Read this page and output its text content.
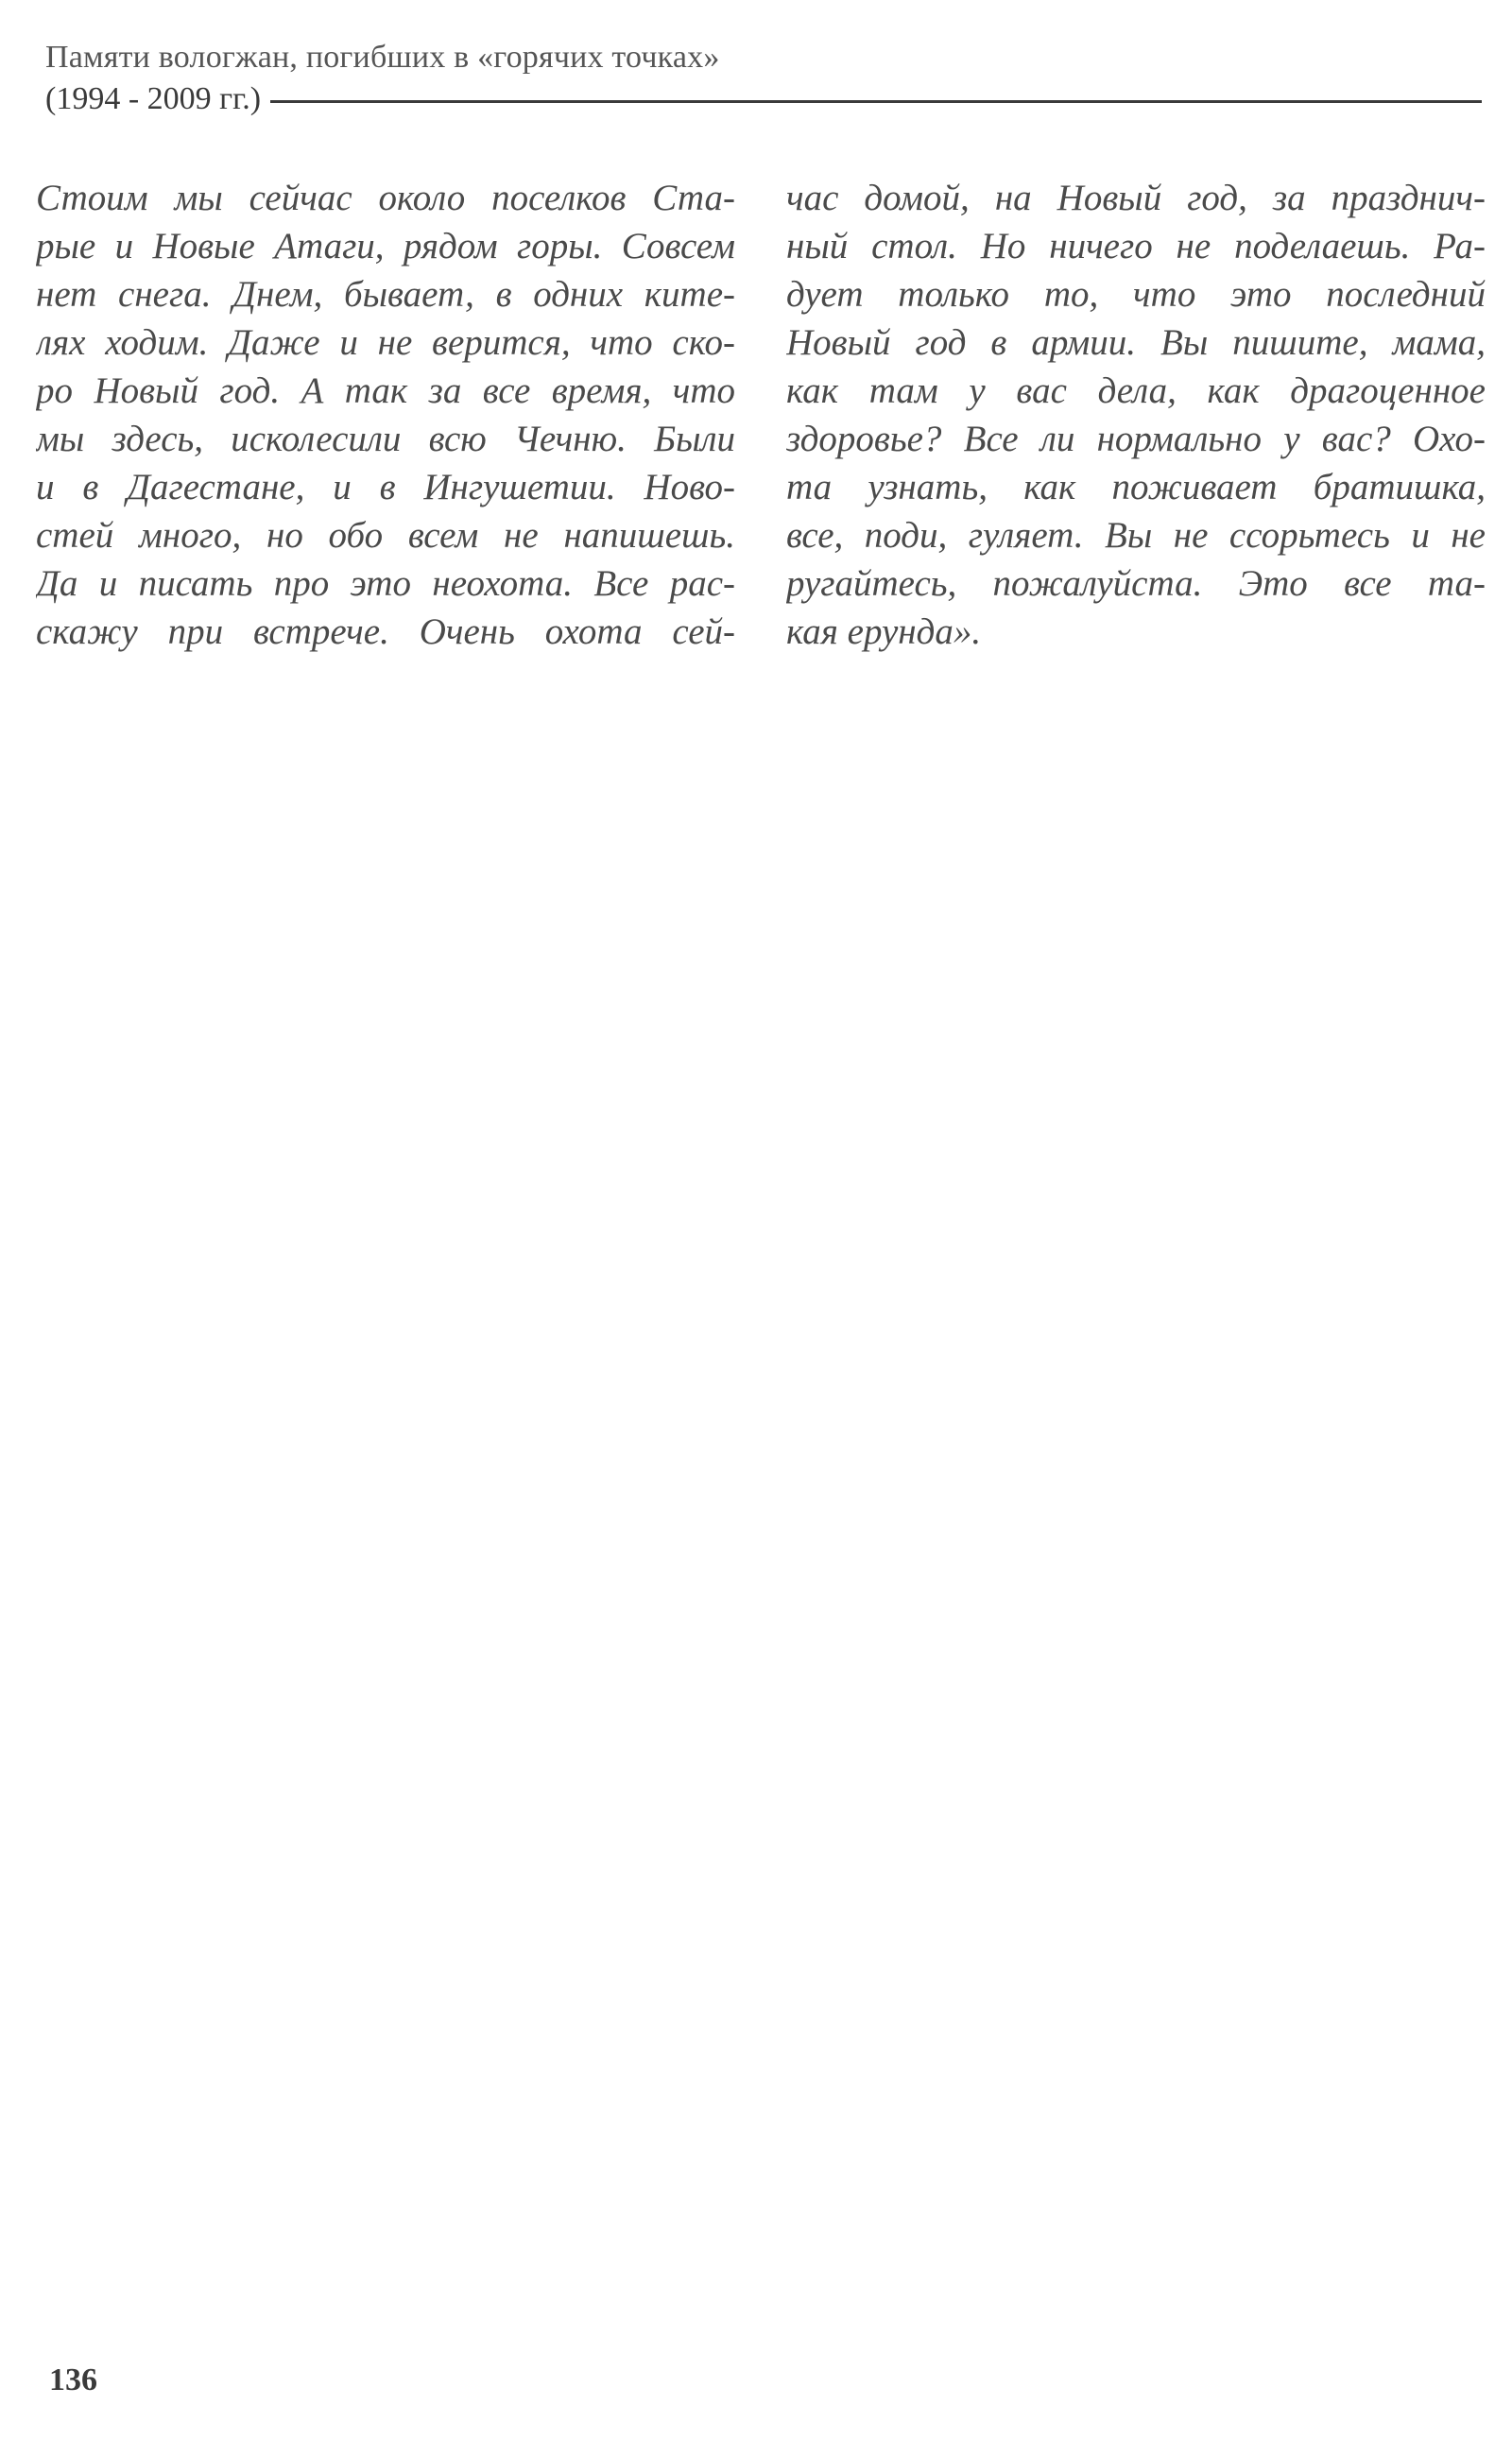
Памяти вологжан, погибших в «горячих точках»
(1994 - 2009 гг.)
Стоим мы сейчас около поселков Ста-
рые и Новые Атаги, рядом горы. Совсем
нет снега. Днем, бывает, в одних ките-
лях ходим. Даже и не верится, что ско-
ро Новый год. А так за все время, что
мы здесь, исколесили всю Чечню. Были
и в Дагестане, и в Ингушетии. Ново-
стей много, но обо всем не напишешь.
Да и писать про это неохота. Все рас-
скажу при встрече. Очень охота сей-
час домой, на Новый год, за празднич-
ный стол. Но ничего не поделаешь. Ра-
дует только то, что это последний
Новый год в армии. Вы пишите, мама,
как там у вас дела, как драгоценное
здоровье? Все ли нормально у вас? Охо-
та узнать, как поживает братишка,
все, поди, гуляет. Вы не ссорьтесь и не
ругайтесь, пожалуйста. Это все та-
кая ерунда».
136
